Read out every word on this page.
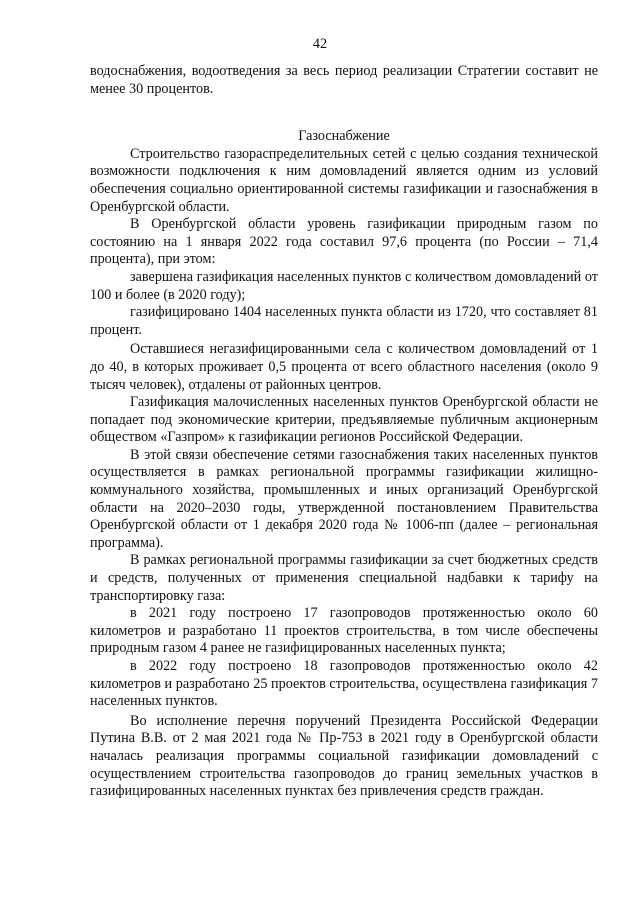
42

водоснабжения, водоотведения за весь период реализации Стратегии составит не менее 30 процентов.

Газоснабжение

Строительство газораспределительных сетей с целью создания технической возможности подключения к ним домовладений является одним из условий обеспечения социально ориентированной системы газификации и газоснабжения в Оренбургской области.

В Оренбургской области уровень газификации природным газом по состоянию на 1 января 2022 года составил 97,6 процента (по России – 71,4 процента), при этом:

завершена газификация населенных пунктов с количеством домовладений от 100 и более (в 2020 году);

газифицировано 1404 населенных пункта области из 1720, что составляет 81 процент.

Оставшиеся негазифицированными села с количеством домовладений от 1 до 40, в которых проживает 0,5 процента от всего областного населения (около 9 тысяч человек), отдалены от районных центров.

Газификация малочисленных населенных пунктов Оренбургской области не попадает под экономические критерии, предъявляемые публичным акционерным обществом «Газпром» к газификации регионов Российской Федерации.

В этой связи обеспечение сетями газоснабжения таких населенных пунктов осуществляется в рамках региональной программы газификации жилищно-коммунального хозяйства, промышленных и иных организаций Оренбургской области на 2020–2030 годы, утвержденной постановлением Правительства Оренбургской области от 1 декабря 2020 года № 1006-пп (далее – региональная программа).

В рамках региональной программы газификации за счет бюджетных средств и средств, полученных от применения специальной надбавки к тарифу на транспортировку газа:

в 2021 году построено 17 газопроводов протяженностью около 60 километров и разработано 11 проектов строительства, в том числе обеспечены природным газом 4 ранее не газифицированных населенных пункта;

в 2022 году построено 18 газопроводов протяженностью около 42 километров и разработано 25 проектов строительства, осуществлена газификация 7 населенных пунктов.

Во исполнение перечня поручений Президента Российской Федерации Путина В.В. от 2 мая 2021 года № Пр-753 в 2021 году в Оренбургской области началась реализация программы социальной газификации домовладений с осуществлением строительства газопроводов до границ земельных участков в газифицированных населенных пунктах без привлечения средств граждан.
